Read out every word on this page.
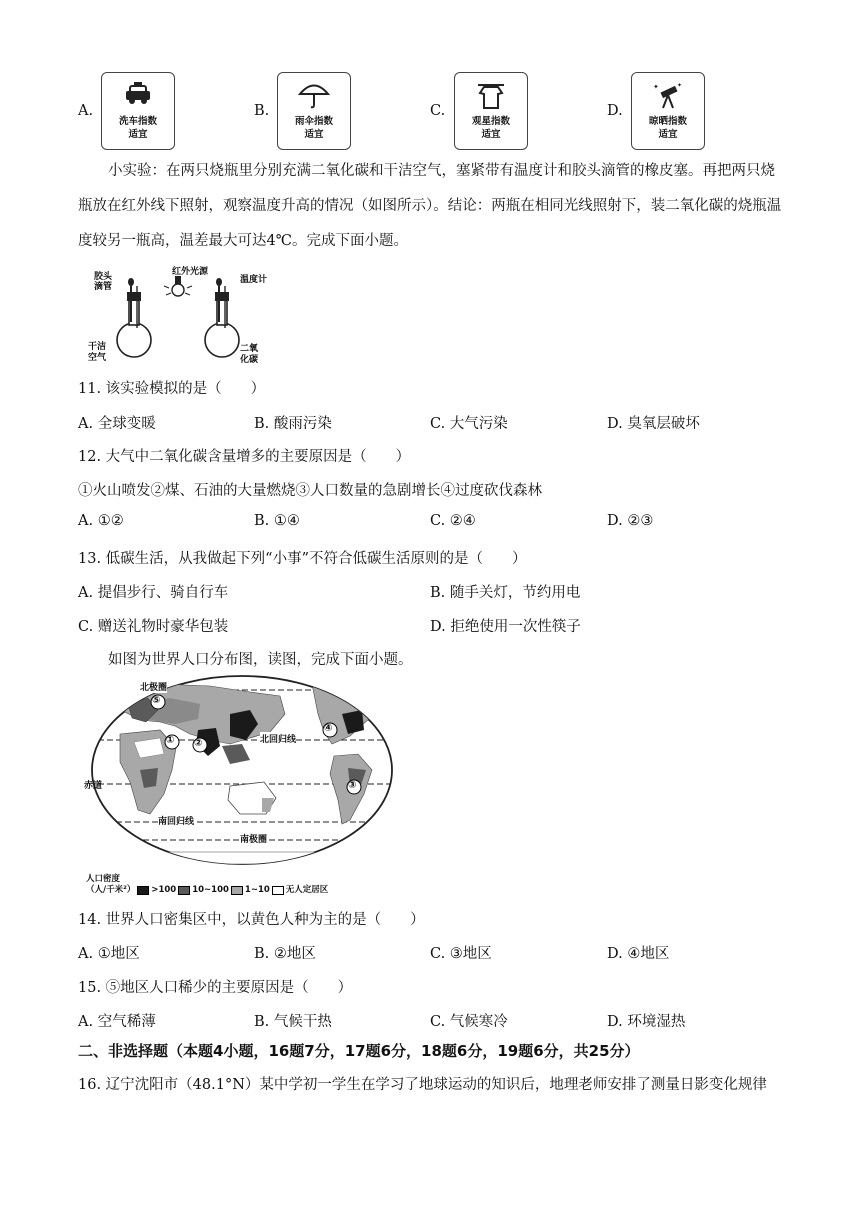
A.
洗车指数
适宜
B.
雨伞指数
适宜
C.
观星指数
适宜
D.
✦	✦
晾晒指数
适宜
小实验：在两只烧瓶里分别充满二氧化碳和干洁空气，塞紧带有温度计和胶头滴管的橡皮塞。再把两只烧瓶放在红外线下照射，观察温度升高的情况（如图所示）。结论：两瓶在相同光线照射下，装二氧化碳的烧瓶温度较另一瓶高，温差最大可达4℃。完成下面小题。
胶头
滴管
红外光源
温度计
干洁
空气
二氧
化碳
11. 该实验模拟的是（　　）
A. 全球变暖	B. 酸雨污染	C. 大气污染	D. 臭氧层破坏
12. 大气中二氧化碳含量增多的主要原因是（　　）
①火山喷发②煤、石油的大量燃烧③人口数量的急剧增长④过度砍伐森林
A. ①②	B. ①④	C. ②④	D. ②③
13. 低碳生活，从我做起下列“小事”不符合低碳生活原则的是（　　）
A. 提倡步行、骑自行车	B. 随手关灯，节约用电
C. 赠送礼物时豪华包装	D. 拒绝使用一次性筷子
如图为世界人口分布图，读图，完成下面小题。
① ②
③
④
⑤
北极圈
北回归线
赤道
南回归线
南极圈
人口密度
（人/千米²） >100 10~100 1~10 无人定居区
14. 世界人口密集区中，以黄色人种为主的是（　　）
A. ①地区	B. ②地区	C. ③地区	D. ④地区
15. ⑤地区人口稀少的主要原因是（　　）
A. 空气稀薄	B. 气候干热	C. 气候寒冷	D. 环境湿热
二、非选择题（本题4小题，16题7分，17题6分，18题6分，19题6分，共25分）
16. 辽宁沈阳市（48.1°N）某中学初一学生在学习了地球运动的知识后，地理老师安排了测量日影变化规律
